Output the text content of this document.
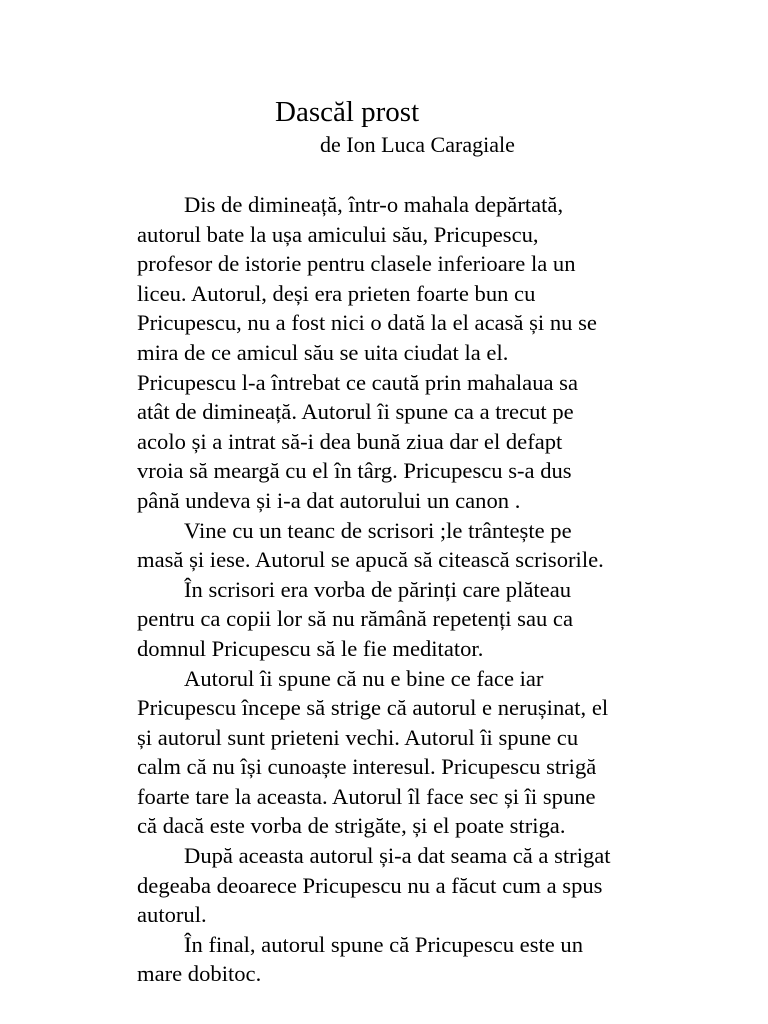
Dascăl prost
de Ion Luca Caragiale
Dis de dimineață, într-o mahala depărtată,
autorul bate la ușa amicului său, Pricupescu,
profesor de istorie pentru clasele inferioare la un
liceu. Autorul, deși era prieten foarte bun cu
Pricupescu, nu a fost nici o dată la el acasă și nu se
mira de ce amicul său se uita ciudat la el.
Pricupescu l-a întrebat ce caută prin mahalaua sa
atât de dimineață. Autorul îi spune ca a trecut pe
acolo și a intrat să-i dea bună ziua dar el defapt
vroia să meargă cu el în târg. Pricupescu s-a dus
până undeva și i-a dat autorului un canon .
Vine cu un teanc de scrisori ;le trântește pe
masă și iese. Autorul se apucă să citească scrisorile.
În scrisori era vorba de părinți care plăteau
pentru ca copii lor să nu rămână repetenți sau ca
domnul Pricupescu să le fie meditator.
Autorul îi spune că nu e bine ce face iar
Pricupescu începe să strige că autorul e nerușinat, el
și autorul sunt prieteni vechi. Autorul îi spune cu
calm că nu își cunoaște interesul. Pricupescu strigă
foarte tare la aceasta. Autorul îl face sec și îi spune
că dacă este vorba de strigăte, și el poate striga.
După aceasta autorul și-a dat seama că a strigat
degeaba deoarece Pricupescu nu a făcut cum a spus
autorul.
În final, autorul spune că Pricupescu este un
mare dobitoc.
